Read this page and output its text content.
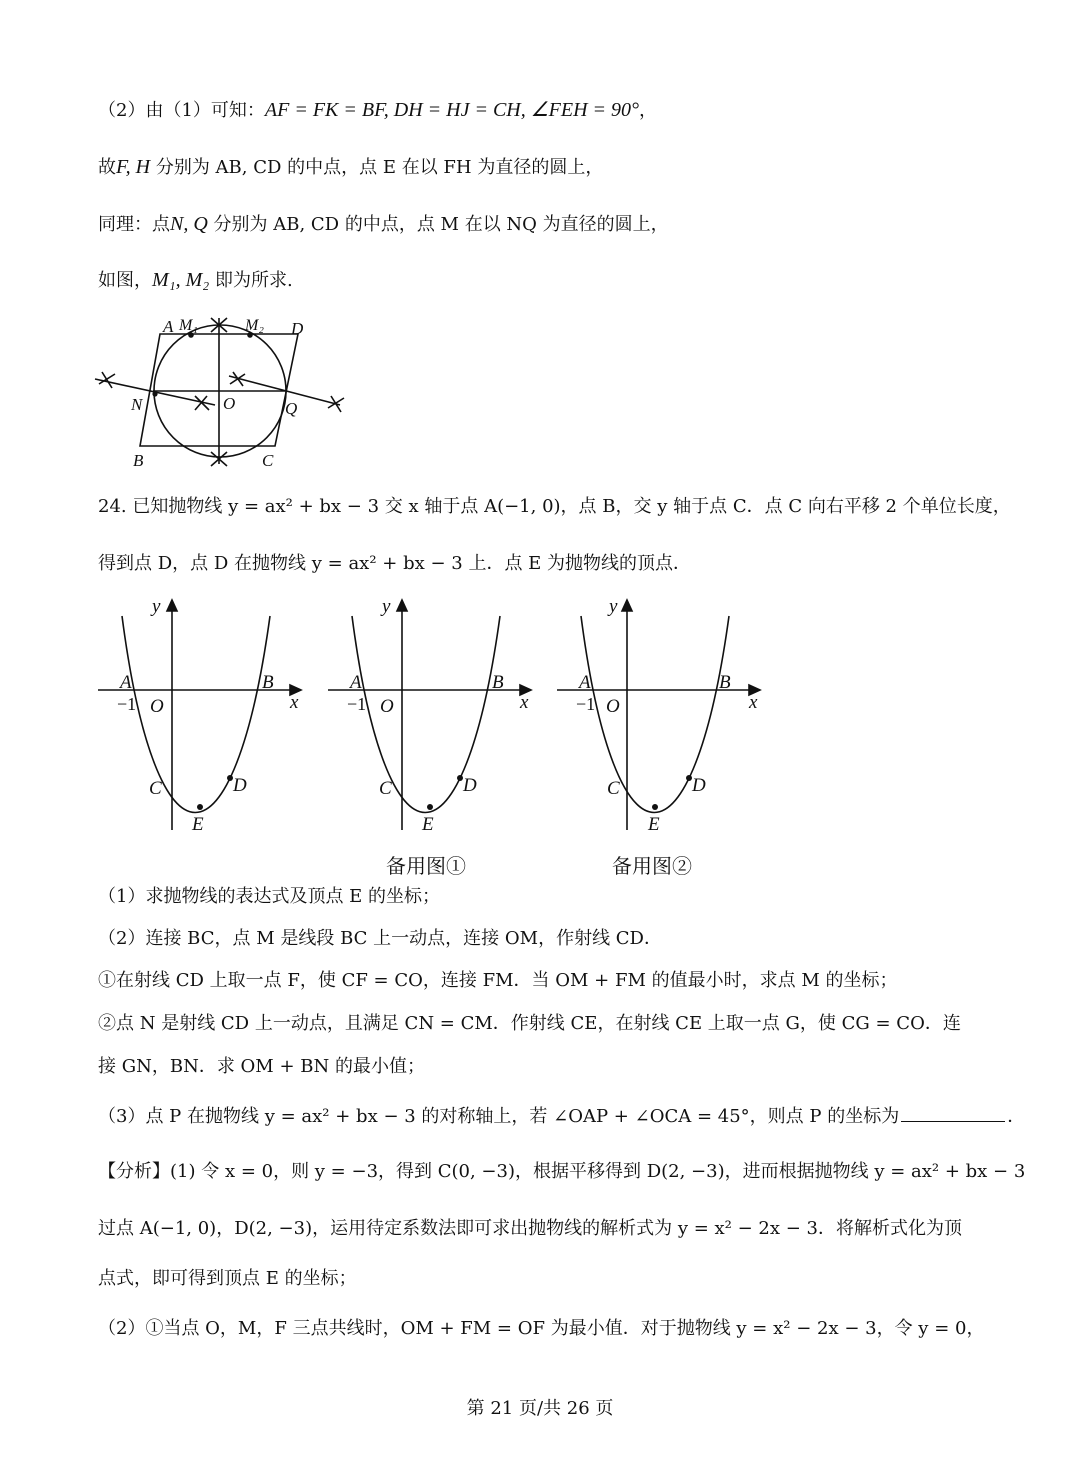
（2）由（1）可知：AF = FK = BF, DH = HJ = CH, ∠FEH = 90°，
故F, H 分别为 AB, CD 的中点，点 E 在以 FH 为直径的圆上，
同理：点N, Q 分别为 AB, CD 的中点，点 M 在以 NQ 为直径的圆上，
如图，M₁, M₂ 即为所求.
A M₁	M₂ D
N	O	Q
B	C
24. 已知抛物线 y = ax² + bx − 3 交 x 轴于点 A(−1, 0)，点 B，交 y 轴于点 C．点 C 向右平移 2 个单位长度，
得到点 D，点 D 在抛物线 y = ax² + bx − 3 上．点 E 为抛物线的顶点．
y
A	B
−1 O	x
C	D
E
y
A	B
−1 O	x
C	D
E
y
A	B
−1 O	x
C	D
E
备用图①	备用图②
（1）求抛物线的表达式及顶点 E 的坐标；
（2）连接 BC，点 M 是线段 BC 上一动点，连接 OM，作射线 CD．
①在射线 CD 上取一点 F，使 CF = CO，连接 FM．当 OM + FM 的值最小时，求点 M 的坐标；
②点 N 是射线 CD 上一动点，且满足 CN = CM．作射线 CE，在射线 CE 上取一点 G，使 CG = CO．连
接 GN，BN．求 OM + BN 的最小值；
（3）点 P 在抛物线 y = ax² + bx − 3 的对称轴上，若 ∠OAP + ∠OCA = 45°，则点 P 的坐标为	．
【分析】(1) 令 x = 0，则 y = −3，得到 C(0, −3)，根据平移得到 D(2, −3)，进而根据抛物线 y = ax² + bx − 3
过点 A(−1, 0)，D(2, −3)，运用待定系数法即可求出抛物线的解析式为 y = x² − 2x − 3．将解析式化为顶
点式，即可得到顶点 E 的坐标；
（2）①当点 O，M，F 三点共线时，OM + FM = OF 为最小值．对于抛物线 y = x² − 2x − 3，令 y = 0，
第 21 页/共 26 页
